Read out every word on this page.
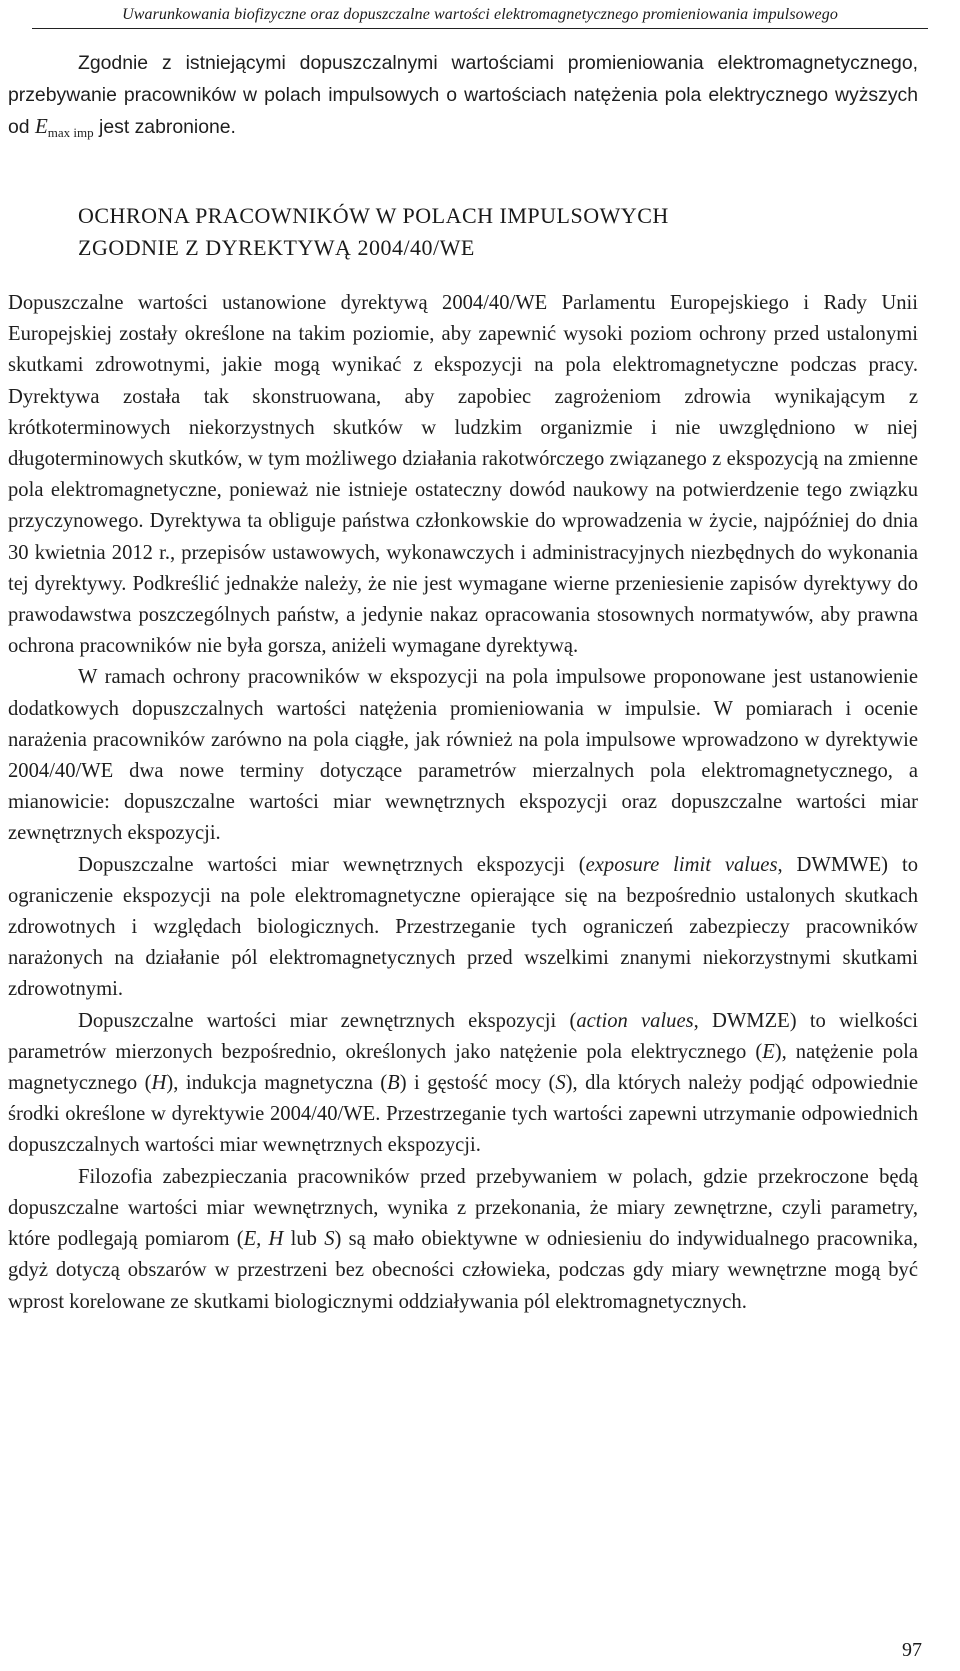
Uwarunkowania biofizyczne oraz dopuszczalne wartości elektromagnetycznego promieniowania impulsowego

Zgodnie z istniejącymi dopuszczalnymi wartościami promieniowania elektromagnetycznego, przebywanie pracowników w polach impulsowych o wartościach natężenia pola elektrycznego wyższych od $E_{max imp}$ jest zabronione.

OCHRONA PRACOWNIKÓW W POLACH IMPULSOWYCH
ZGODNIE Z DYREKTYWĄ 2004/40/WE

Dopuszczalne wartości ustanowione dyrektywą 2004/40/WE Parlamentu Europejskiego i Rady Unii Europejskiej zostały określone na takim poziomie, aby zapewnić wysoki poziom ochrony przed ustalonymi skutkami zdrowotnymi, jakie mogą wynikać z ekspozycji na pola elektromagnetyczne podczas pracy. Dyrektywa została tak skonstruowana, aby zapobiec zagrożeniom zdrowia wynikającym z krótkoterminowych niekorzystnych skutków w ludzkim organizmie i nie uwzględniono w niej długoterminowych skutków, w tym możliwego działania rakotwórczego związanego z ekspozycją na zmienne pola elektromagnetyczne, ponieważ nie istnieje ostateczny dowód naukowy na potwierdzenie tego związku przyczynowego. Dyrektywa ta obliguje państwa członkowskie do wprowadzenia w życie, najpóźniej do dnia 30 kwietnia 2012 r., przepisów ustawowych, wykonawczych i administracyjnych niezbędnych do wykonania tej dyrektywy. Podkreślić jednakże należy, że nie jest wymagane wierne przeniesienie zapisów dyrektywy do prawodawstwa poszczególnych państw, a jedynie nakaz opracowania stosownych normatywów, aby prawna ochrona pracowników nie była gorsza, aniżeli wymagane dyrektywą.

W ramach ochrony pracowników w ekspozycji na pola impulsowe proponowane jest ustanowienie dodatkowych dopuszczalnych wartości natężenia promieniowania w impulsie. W pomiarach i ocenie narażenia pracowników zarówno na pola ciągłe, jak również na pola impulsowe wprowadzono w dyrektywie 2004/40/WE dwa nowe terminy dotyczące parametrów mierzalnych pola elektromagnetycznego, a mianowicie: dopuszczalne wartości miar wewnętrznych ekspozycji oraz dopuszczalne wartości miar zewnętrznych ekspozycji.

Dopuszczalne wartości miar wewnętrznych ekspozycji (exposure limit values, DWMWE) to ograniczenie ekspozycji na pole elektromagnetyczne opierające się na bezpośrednio ustalonych skutkach zdrowotnych i względach biologicznych. Przestrzeganie tych ograniczeń zabezpieczy pracowników narażonych na działanie pól elektromagnetycznych przed wszelkimi znanymi niekorzystnymi skutkami zdrowotnymi.

Dopuszczalne wartości miar zewnętrznych ekspozycji (action values, DWMZE) to wielkości parametrów mierzonych bezpośrednio, określonych jako natężenie pola elektrycznego (E), natężenie pola magnetycznego (H), indukcja magnetyczna (B) i gęstość mocy (S), dla których należy podjąć odpowiednie środki określone w dyrektywie 2004/40/WE. Przestrzeganie tych wartości zapewni utrzymanie odpowiednich dopuszczalnych wartości miar wewnętrznych ekspozycji.

Filozofia zabezpieczania pracowników przed przebywaniem w polach, gdzie przekroczone będą dopuszczalne wartości miar wewnętrznych, wynika z przekonania, że miary zewnętrzne, czyli parametry, które podlegają pomiarom (E, H lub S) są mało obiektywne w odniesieniu do indywidualnego pracownika, gdyż dotyczą obszarów w przestrzeni bez obecności człowieka, podczas gdy miary wewnętrzne mogą być wprost korelowane ze skutkami biologicznymi oddziaływania pól elektromagnetycznych.

97
